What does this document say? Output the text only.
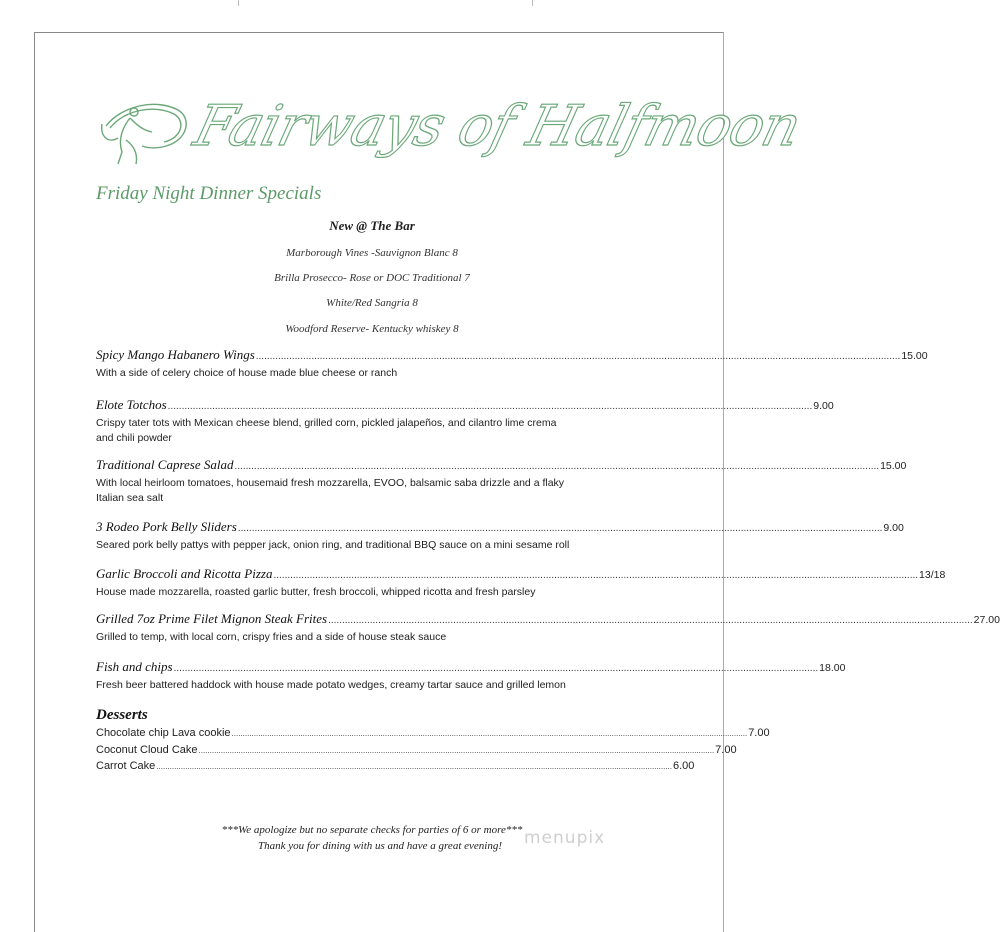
Fairways of Halfmoon
Friday Night Dinner Specials
New @ The Bar
Marborough Vines -Sauvignon Blanc 8
Brilla Prosecco- Rose or DOC Traditional 7
White/Red Sangria 8
Woodford Reserve- Kentucky whiskey 8
Spicy Mango Habanero Wings .....	15.00
With a side of celery choice of house made blue cheese or ranch
Elote Totchos .....	9.00
Crispy tater tots with Mexican cheese blend, grilled corn, pickled jalapeños, and cilantro lime crema
and chili powder
Traditional Caprese Salad .....	15.00
With local heirloom tomatoes, housemaid fresh mozzarella, EVOO, balsamic saba drizzle and a flaky
Italian sea salt
3 Rodeo Pork Belly Sliders .....	9.00
Seared pork belly pattys with pepper jack, onion ring, and traditional BBQ sauce on a mini sesame roll
Garlic Broccoli and Ricotta Pizza .....	13/18
House made mozzarella, roasted garlic butter, fresh broccoli, whipped ricotta and fresh parsley
Grilled 7oz Prime Filet Mignon Steak Frites .....	27.00
Grilled to temp, with local corn, crispy fries and a side of house steak sauce
Fish and chips .....	18.00
Fresh beer battered haddock with house made potato wedges, creamy tartar sauce and grilled lemon
Desserts
Chocolate chip Lava cookie .....	7.00
Coconut Cloud Cake .....	7.00
Carrot Cake .....	6.00
***We apologize but no separate checks for parties of 6 or more***
Thank you for dining with us and have a great evening!	menupix
